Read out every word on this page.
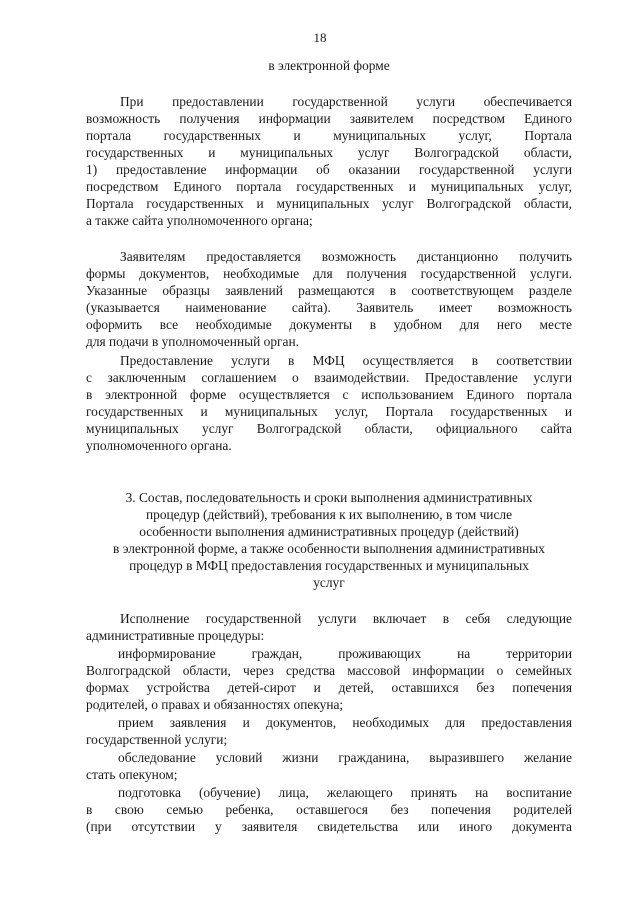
18
в электронной форме
При предоставлении государственной услуги обеспечивается
возможность получения информации заявителем посредством Единого
портала государственных и муниципальных услуг, Портала
государственных и муниципальных услуг Волгоградской области,
1) предоставление информации об оказании государственной услуги
посредством Единого портала государственных и муниципальных услуг,
Портала государственных и муниципальных услуг Волгоградской области,
а также сайта уполномоченного органа;
Заявителям предоставляется возможность дистанционно получить
формы документов, необходимые для получения государственной услуги.
Указанные образцы заявлений размещаются в соответствующем разделе
(указывается наименование сайта). Заявитель имеет возможность
оформить все необходимые документы в удобном для него месте
для подачи в уполномоченный орган.
Предоставление услуги в МФЦ осуществляется в соответствии
с заключенным соглашением о взаимодействии. Предоставление услуги
в электронной форме осуществляется с использованием Единого портала
государственных и муниципальных услуг, Портала государственных и
муниципальных услуг Волгоградской области, официального сайта
уполномоченного органа.
3. Состав, последовательность и сроки выполнения административных
процедур (действий), требования к их выполнению, в том числе
особенности выполнения административных процедур (действий)
в электронной форме, а также особенности выполнения административных
процедур в МФЦ предоставления государственных и муниципальных
услуг
Исполнение государственной услуги включает в себя следующие
административные процедуры:
информирование граждан, проживающих на территории
Волгоградской области, через средства массовой информации о семейных
формах устройства детей-сирот и детей, оставшихся без попечения
родителей, о правах и обязанностях опекуна;
прием заявления и документов, необходимых для предоставления
государственной услуги;
обследование условий жизни гражданина, выразившего желание
стать опекуном;
подготовка (обучение) лица, желающего принять на воспитание
в свою семью ребенка, оставшегося без попечения родителей
(при отсутствии у заявителя свидетельства или иного документа
